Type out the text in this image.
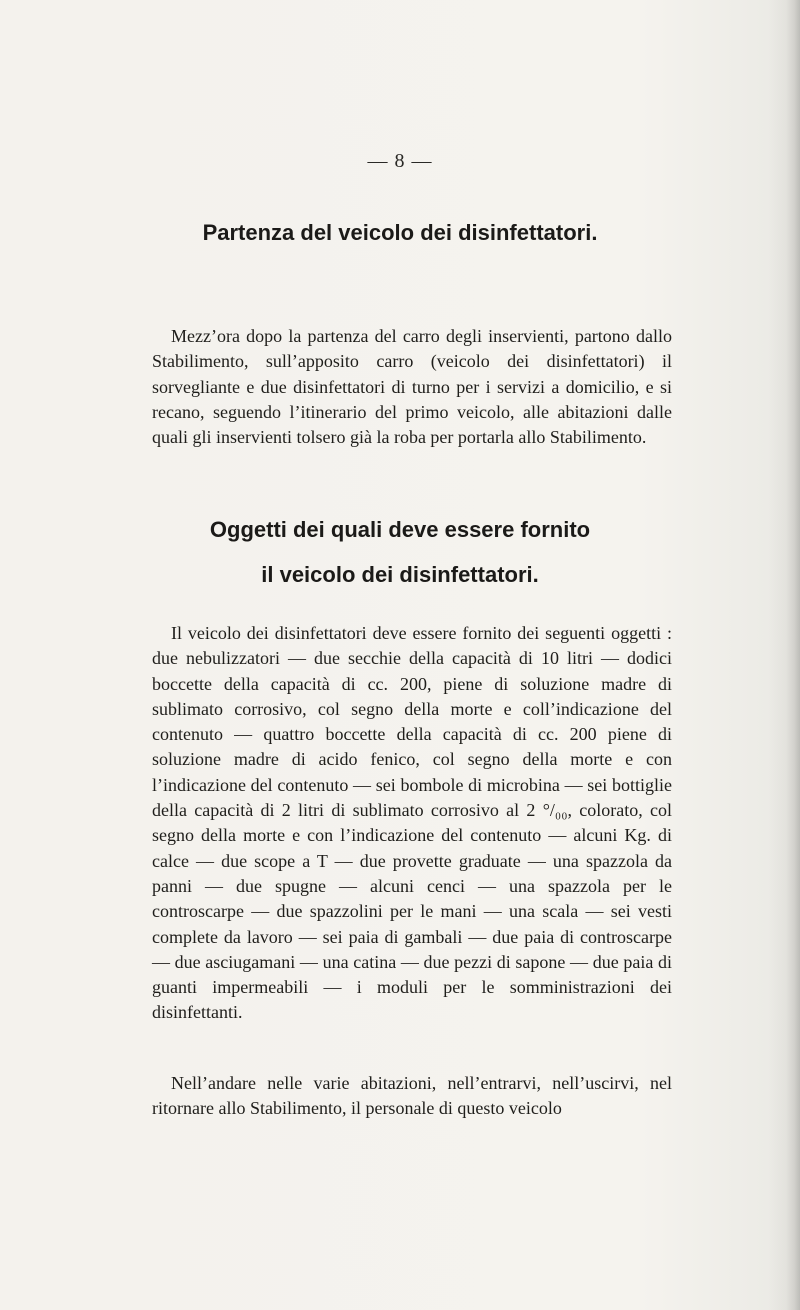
— 8 —
Partenza del veicolo dei disinfettatori.

Mezz’ora dopo la partenza del carro degli inservienti, partono dallo Stabilimento, sull’apposito carro (veicolo dei disinfettatori) il sorvegliante e due disinfettatori di turno per i servizi a domicilio, e si recano, seguendo l’itinerario del primo veicolo, alle abitazioni dalle quali gli inservienti tolsero già la roba per portarla allo Stabilimento.

Oggetti dei quali deve essere fornito
il veicolo dei disinfettatori.

Il veicolo dei disinfettatori deve essere fornito dei seguenti oggetti : due nebulizzatori — due secchie della capacità di 10 litri — dodici boccette della capacità di cc. 200, piene di soluzione madre di sublimato corrosivo, col segno della morte e coll’indicazione del contenuto — quattro boccette della capacità di cc. 200 piene di soluzione madre di acido fenico, col segno della morte e con l’indicazione del contenuto — sei bombole di microbina — sei bottiglie della capacità di 2 litri di sublimato corrosivo al 2 °/₀₀, colorato, col segno della morte e con l’indicazione del contenuto — alcuni Kg. di calce — due scope a T — due provette graduate — una spazzola da panni — due spugne — alcuni cenci — una spazzola per le controscarpe — due spazzolini per le mani — una scala — sei vesti complete da lavoro — sei paia di gambali — due paia di controscarpe — due asciugamani — una catina — due pezzi di sapone — due paia di guanti impermeabili — i moduli per le somministrazioni dei disinfettanti.

Nell’andare nelle varie abitazioni, nell’entrarvi, nell’uscirvi, nel ritornare allo Stabilimento, il personale di questo veicolo
